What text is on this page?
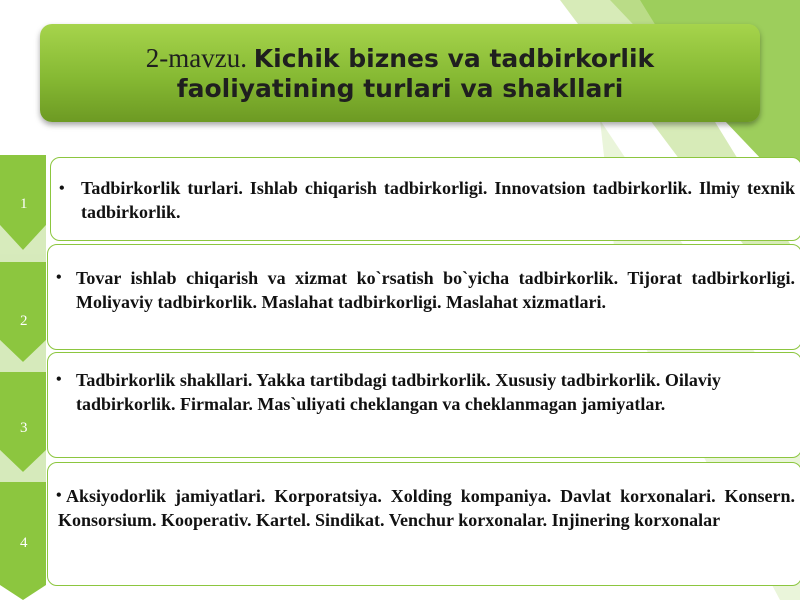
2-mavzu. Kichik biznes va tadbirkorlik
faoliyatining turlari va shakllari
1
2
3
4
• Tadbirkorlik turlari. Ishlab chiqarish tadbirkorligi. Innovatsion tadbirkorlik. Ilmiy texnik tadbirkorlik.
• Tovar ishlab chiqarish va xizmat ko`rsatish bo`yicha tadbirkorlik. Tijorat tadbirkorligi. Moliyaviy tadbirkorlik. Maslahat tadbirkorligi. Maslahat xizmatlari.
• Tadbirkorlik shakllari. Yakka tartibdagi tadbirkorlik. Xususiy tadbirkorlik. Oilaviy tadbirkorlik. Firmalar. Mas`uliyati cheklangan va cheklanmagan jamiyatlar.
• Aksiyodorlik jamiyatlari. Korporatsiya. Xolding kompaniya. Davlat korxonalari. Konsern. Konsorsium. Kooperativ. Kartel. Sindikat. Venchur korxonalar. Injinering korxonalar
